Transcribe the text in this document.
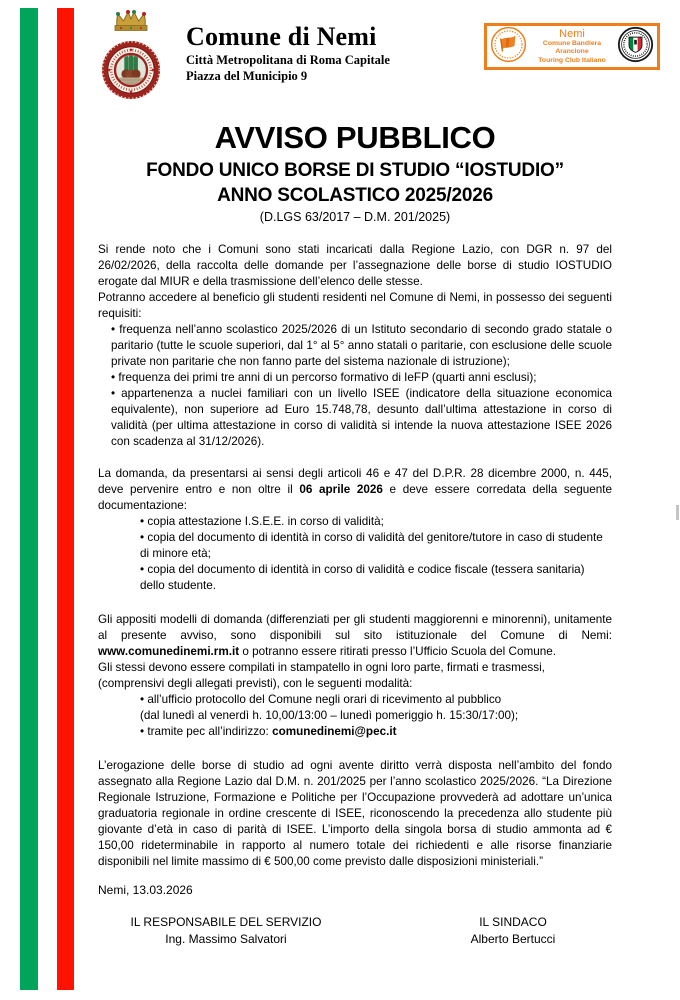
Comune di Nemi
Città Metropolitana di Roma Capitale
Piazza del Municipio 9
Nemi
Comune Bandiera Arancione
Touring Club Italiano
AVVISO PUBBLICO
FONDO UNICO BORSE DI STUDIO “IOSTUDIO”
ANNO SCOLASTICO 2025/2026
(D.LGS 63/2017 – D.M. 201/2025)
Si rende noto che i Comuni sono stati incaricati dalla Regione Lazio, con DGR n. 97 del 26/02/2026, della raccolta delle domande per l’assegnazione delle borse di studio IOSTUDIO erogate dal MIUR e della trasmissione dell’elenco delle stesse.
Potranno accedere al beneficio gli studenti residenti nel Comune di Nemi, in possesso dei seguenti requisiti:
• frequenza nell’anno scolastico 2025/2026 di un Istituto secondario di secondo grado statale o paritario (tutte le scuole superiori, dal 1° al 5° anno statali o paritarie, con esclusione delle scuole private non paritarie che non fanno parte del sistema nazionale di istruzione);
• frequenza dei primi tre anni di un percorso formativo di IeFP (quarti anni esclusi);
• appartenenza a nuclei familiari con un livello ISEE (indicatore della situazione economica equivalente), non superiore ad Euro 15.748,78, desunto dall’ultima attestazione in corso di validità (per ultima attestazione in corso di validità si intende la nuova attestazione ISEE 2026 con scadenza al 31/12/2026).
La domanda, da presentarsi ai sensi degli articoli 46 e 47 del D.P.R. 28 dicembre 2000, n. 445, deve pervenire entro e non oltre il 06 aprile 2026 e deve essere corredata della seguente documentazione:
• copia attestazione I.S.E.E. in corso di validità;
• copia del documento di identità in corso di validità del genitore/tutore in caso di studente di minore età;
• copia del documento di identità in corso di validità e codice fiscale (tessera sanitaria) dello studente.
Gli appositi modelli di domanda (differenziati per gli studenti maggiorenni e minorenni), unitamente al presente avviso, sono disponibili sul sito istituzionale del Comune di Nemi: www.comunedinemi.rm.it o potranno essere ritirati presso l’Ufficio Scuola del Comune.
Gli stessi devono essere compilati in stampatello in ogni loro parte, firmati e trasmessi,
(comprensivi degli allegati previsti), con le seguenti modalità:
• all’ufficio protocollo del Comune negli orari di ricevimento al pubblico
(dal lunedì al venerdì h. 10,00/13:00 – lunedì pomeriggio h. 15:30/17:00);
• tramite pec all’indirizzo: comunedinemi@pec.it
L’erogazione delle borse di studio ad ogni avente diritto verrà disposta nell’ambito del fondo assegnato alla Regione Lazio dal D.M. n. 201/2025 per l’anno scolastico 2025/2026. “La Direzione Regionale Istruzione, Formazione e Politiche per l’Occupazione provvederà ad adottare un’unica graduatoria regionale in ordine crescente di ISEE, riconoscendo la precedenza allo studente più giovante d’età in caso di parità di ISEE. L’importo della singola borsa di studio ammonta ad € 150,00 rideterminabile in rapporto al numero totale dei richiedenti e alle risorse finanziarie disponibili nel limite massimo di € 500,00 come previsto dalle disposizioni ministeriali.”
Nemi, 13.03.2026
IL RESPONSABILE DEL SERVIZIO
Ing. Massimo Salvatori
IL SINDACO
Alberto Bertucci
